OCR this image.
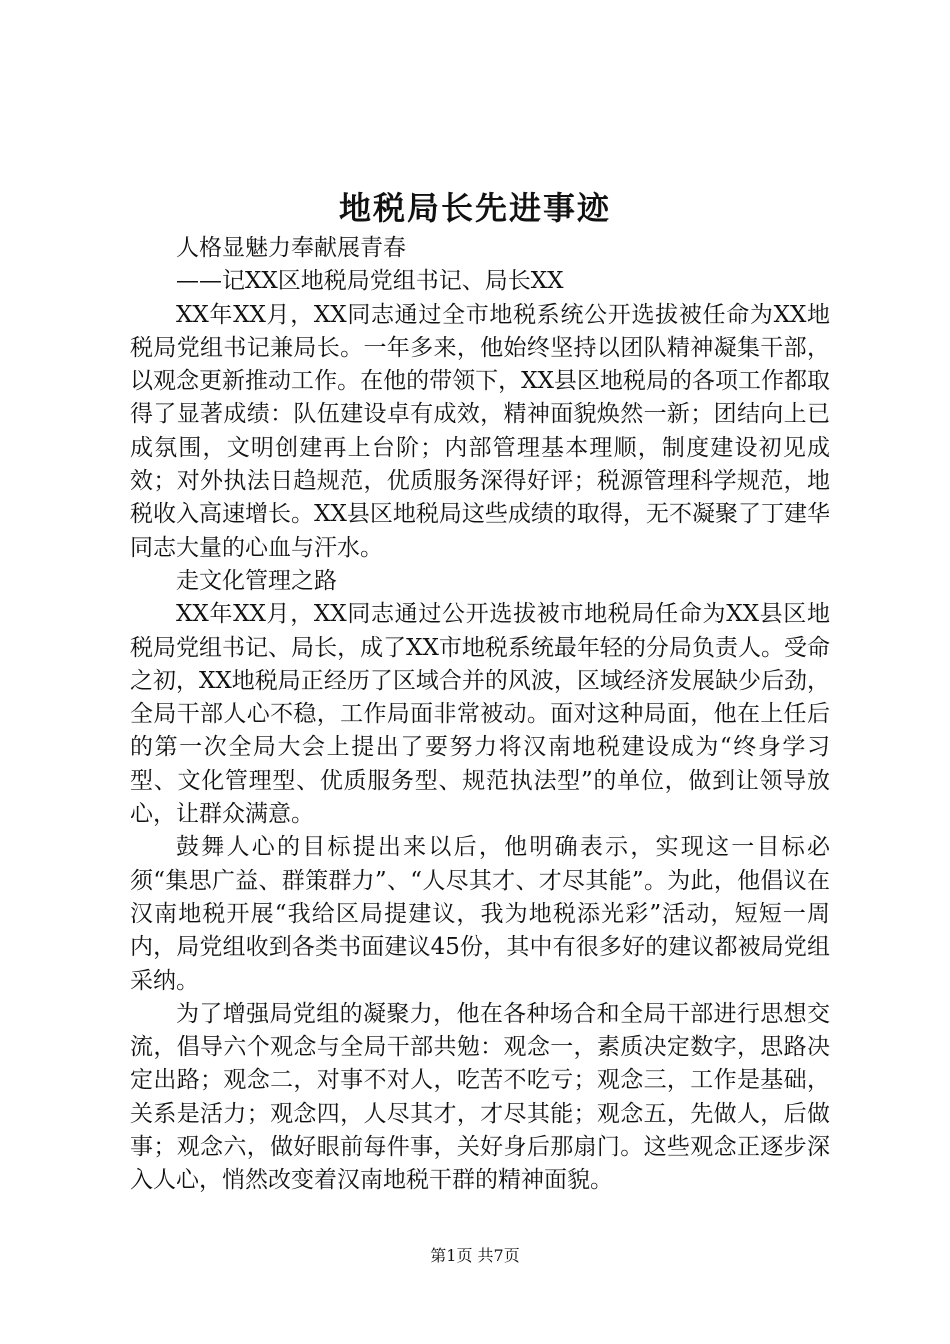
地税局长先进事迹

人格显魅力奉献展青春

——记XX区地税局党组书记、局长XX

XX年XX月，XX同志通过全市地税系统公开选拔被任命为XX地税局党组书记兼局长。一年多来，他始终坚持以团队精神凝集干部，以观念更新推动工作。在他的带领下，XX县区地税局的各项工作都取得了显著成绩：队伍建设卓有成效，精神面貌焕然一新；团结向上已成氛围，文明创建再上台阶；内部管理基本理顺，制度建设初见成效；对外执法日趋规范，优质服务深得好评；税源管理科学规范，地税收入高速增长。XX县区地税局这些成绩的取得，无不凝聚了丁建华同志大量的心血与汗水。

走文化管理之路

XX年XX月，XX同志通过公开选拔被市地税局任命为XX县区地税局党组书记、局长，成了XX市地税系统最年轻的分局负责人。受命之初，XX地税局正经历了区域合并的风波，区域经济发展缺少后劲，全局干部人心不稳，工作局面非常被动。面对这种局面，他在上任后的第一次全局大会上提出了要努力将汉南地税建设成为“终身学习型、文化管理型、优质服务型、规范执法型”的单位，做到让领导放心，让群众满意。

鼓舞人心的目标提出来以后，他明确表示，实现这一目标必须“集思广益、群策群力”、“人尽其才、才尽其能”。为此，他倡议在汉南地税开展“我给区局提建议，我为地税添光彩”活动，短短一周内，局党组收到各类书面建议45份，其中有很多好的建议都被局党组采纳。

为了增强局党组的凝聚力，他在各种场合和全局干部进行思想交流，倡导六个观念与全局干部共勉：观念一，素质决定数字，思路决定出路；观念二，对事不对人，吃苦不吃亏；观念三，工作是基础，关系是活力；观念四，人尽其才，才尽其能；观念五，先做人，后做事；观念六，做好眼前每件事，关好身后那扇门。这些观念正逐步深入人心，悄然改变着汉南地税干群的精神面貌。

第1页 共7页
